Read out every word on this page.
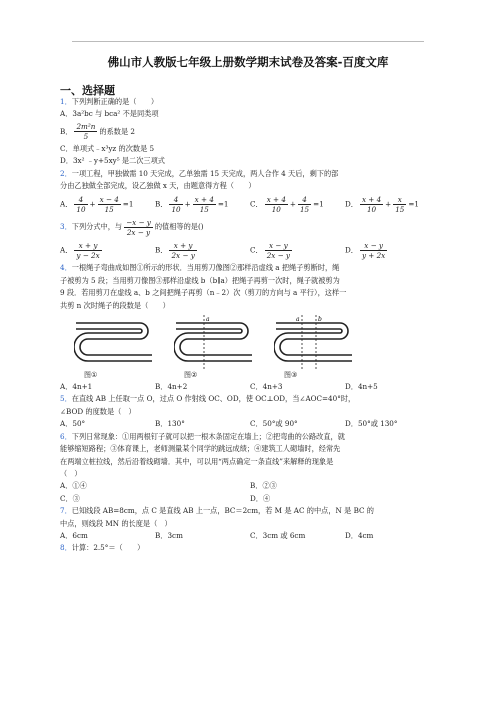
佛山市人教版七年级上册数学期末试卷及答案-百度文库
一、选择题
1．下列判断正确的是（　　）
A．3a²bc 与 bca² 不是同类项
B． $\frac{\text{2m²n}}{5}$ 的系数是 2
C．单项式﹣x³yz 的次数是 5
D．3x² ﹣y+5xy⁵ 是二次三项式
2．一项工程，甲独做需 10 天完成，乙单独需 15 天完成，两人合作 4 天后，剩下的部
分由乙独做全部完成，设乙独做 x 天，由题意得方程（　　）
A． $\frac{4}{10} + \frac{x - 4}{15} =1$	B． $\frac{4}{10} + \frac{x + 4}{15} =1$	C． $\frac{x + 4}{10} + \frac{4}{15} =1$	D． $\frac{x + 4}{10} + \frac{x}{15} =1$
3． 下列分式中，与 $\frac{-x - y}{2x - y}$ 的值相等的是()
A． $\frac{x + y}{y - 2x}$	B． $\frac{x + y}{2x - y}$	C． $\frac{x - y}{2x - y}$	D． $\frac{x - y}{y + 2x}$
4．一根绳子弯曲成如图①所示的形状．当用剪刀像图②那样沿虚线 a 把绳子剪断时，绳
子被剪为 5 段；当用剪刀像图③那样沿虚线 b（b∥a）把绳子再剪一次时，绳子就被剪为
9 段．若用剪刀在虚线 a、b 之间把绳子再剪（n﹣2）次（剪刀的方向与 a 平行），这样一
共剪 n 次时绳子的段数是（　　）
图①
a
图②
a	b
图③
A．4n+1	B．4n+2	C．4n+3	D．4n+5
5．在直线 AB 上任取一点 O，过点 O 作射线 OC、OD，使 OC⊥OD，当∠AOC=40°时，
∠BOD 的度数是（　）
A．50°	B．130°	C．50°或 90°	D．50°或 130°
6．下列日常现象：①用两根钉子就可以把一根木条固定在墙上；②把弯曲的公路改直，就
能够缩短路程；③体育课上，老师测量某个同学的跳远成绩；④建筑工人砌墙时，经常先
在两端立桩拉线，然后沿着线砌墙．其中，可以用“两点确定一条直线”来解释的现象是
（　）
A．①④	B．②③
C．③	D．④
7．已知线段 AB=8cm，点 C 是直线 AB 上一点，BC＝2cm，若 M 是 AC 的中点，N 是 BC 的
中点，则线段 MN 的长度是（　）
A．6cm	B．3cm	C．3cm 或 6cm	D．4cm
8．计算：2.5°＝（　　）
